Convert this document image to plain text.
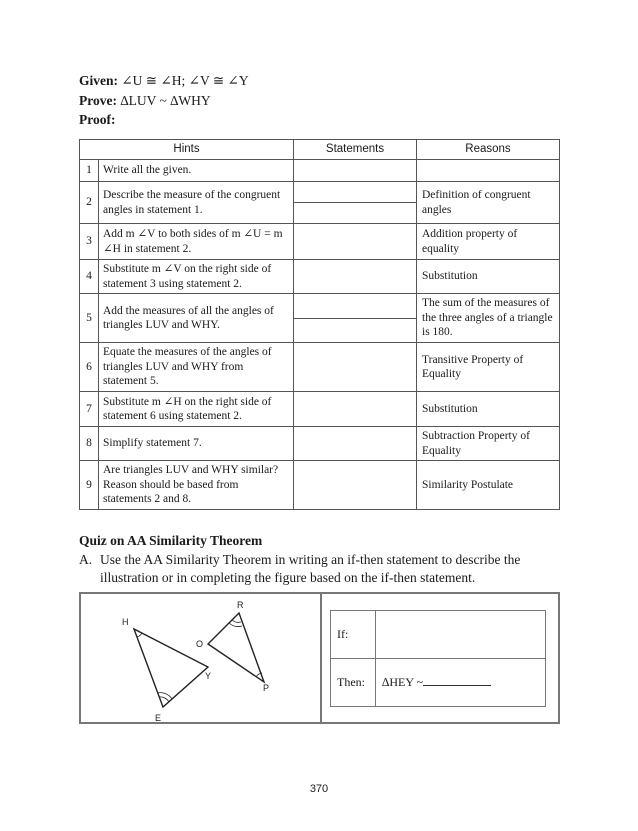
Given: ∠U ≅ ∠H; ∠V ≅ ∠Y
Prove: ∆LUV ~ ∆WHY
Proof:
Hints		Statements	Reasons
1	Write all the given.		
2	Describe the measure of the congruent angles in statement 1.		Definition of congruent angles
3	Add m ∠V to both sides of m ∠U = m ∠H in statement 2.		Addition property of equality
4	Substitute m ∠V on the right side of statement 3 using statement 2.		Substitution
5	Add the measures of all the angles of triangles LUV and WHY.		The sum of the measures of the three angles of a triangle is 180.
6	Equate the measures of the angles of triangles LUV and WHY from statement 5.		Transitive Property of Equality
7	Substitute m ∠H on the right side of statement 6 using statement 2.		Substitution
8	Simplify statement 7.		Subtraction Property of Equality
9	Are triangles LUV and WHY similar? Reason should be based from statements 2 and 8.		Similarity Postulate
Quiz on AA Similarity Theorem
A. Use the AA Similarity Theorem in writing an if-then statement to describe the illustration or in completing the figure based on the if-then statement.
H
Y
E
R
O
P
If:	
Then:	∆HEY ~
370
